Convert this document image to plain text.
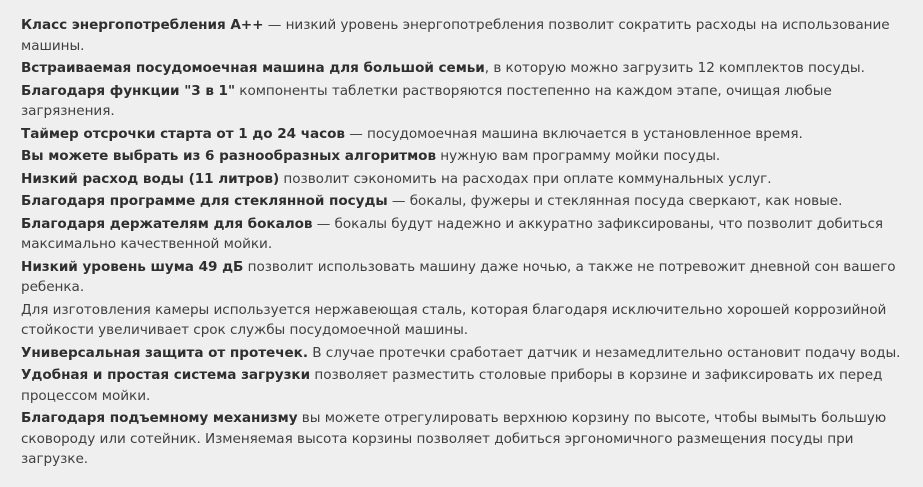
Класс энергопотребления A++ — низкий уровень энергопотребления позволит сократить расходы на использование машины.

Встраиваемая посудомоечная машина для большой семьи, в которую можно загрузить 12 комплектов посуды.

Благодаря функции "3 в 1" компоненты таблетки растворяются постепенно на каждом этапе, очищая любые загрязнения.

Таймер отсрочки старта от 1 до 24 часов — посудомоечная машина включается в установленное время.

Вы можете выбрать из 6 разнообразных алгоритмов нужную вам программу мойки посуды.

Низкий расход воды (11 литров) позволит сэкономить на расходах при оплате коммунальных услуг.

Благодаря программе для стеклянной посуды — бокалы, фужеры и стеклянная посуда сверкают, как новые.

Благодаря держателям для бокалов — бокалы будут надежно и аккуратно зафиксированы, что позволит добиться максимально качественной мойки.

Низкий уровень шума 49 дБ позволит использовать машину даже ночью, а также не потревожит дневной сон вашего ребенка.

Для изготовления камеры используется нержавеющая сталь, которая благодаря исключительно хорошей коррозийной стойкости увеличивает срок службы посудомоечной машины.

Универсальная защита от протечек. В случае протечки сработает датчик и незамедлительно остановит подачу воды.

Удобная и простая система загрузки позволяет разместить столовые приборы в корзине и зафиксировать их перед процессом мойки.

Благодаря подъемному механизму вы можете отрегулировать верхнюю корзину по высоте, чтобы вымыть большую сковороду или сотейник. Изменяемая высота корзины позволяет добиться эргономичного размещения посуды при загрузке.
